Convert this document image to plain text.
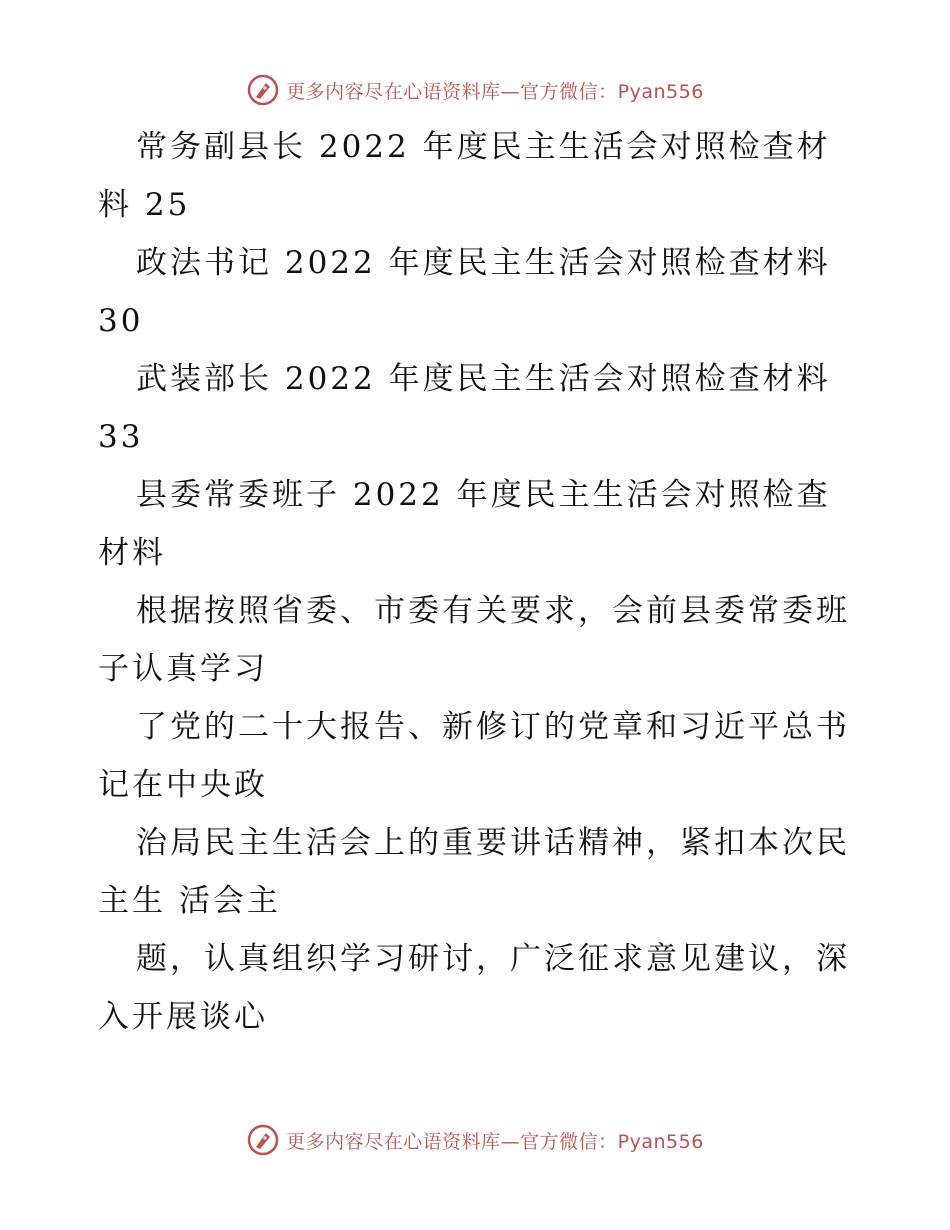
更多内容尽在心语资料库—官方微信：Pyan556

常务副县长 2022 年度民主生活会对照检查材料 25

政法书记 2022 年度民主生活会对照检查材料 30

武装部长 2022 年度民主生活会对照检查材料 33

县委常委班子 2022 年度民主生活会对照检查材料

根据按照省委、市委有关要求，会前县委常委班子认真学习

了党的二十大报告、新修订的党章和习近平总书记在中央政

治局民主生活会上的重要讲话精神，紧扣本次民主生 活会主

题，认真组织学习研讨，广泛征求意见建议，深入开展谈心

更多内容尽在心语资料库—官方微信：Pyan556
